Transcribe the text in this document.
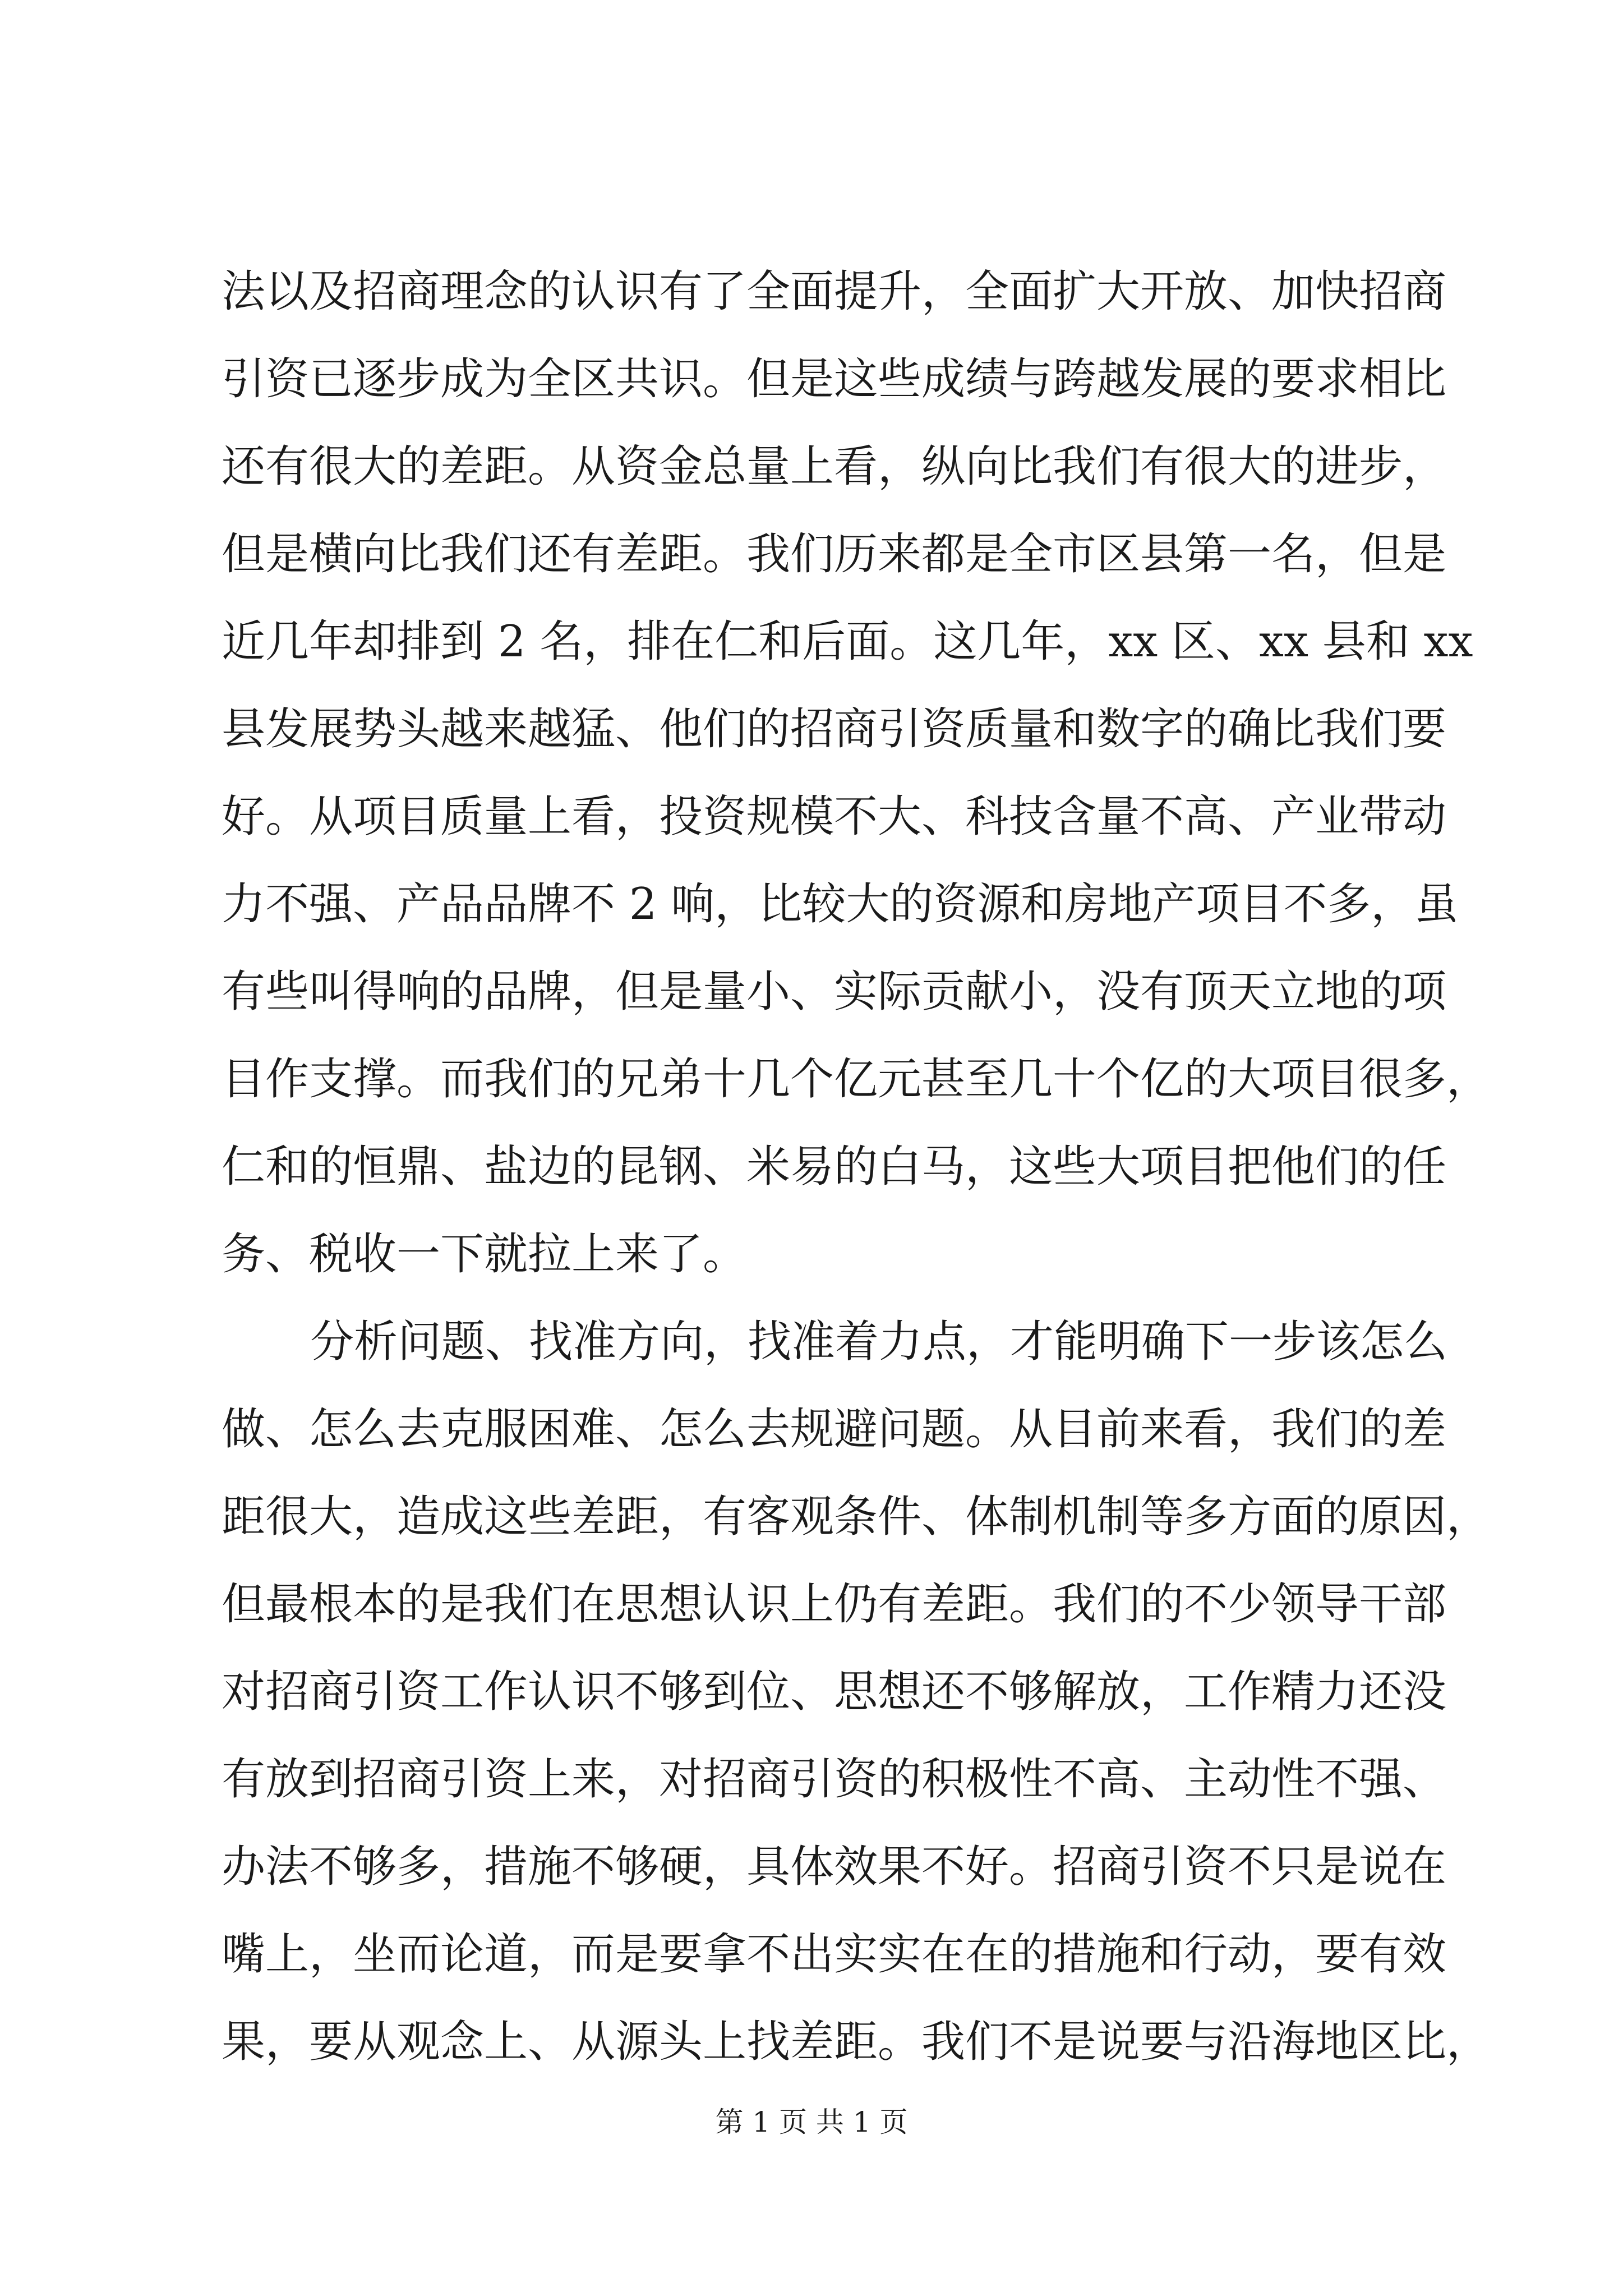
法以及招商理念的认识有了全面提升，全面扩大开放、加快招商
引资已逐步成为全区共识。但是这些成绩与跨越发展的要求相比
还有很大的差距。从资金总量上看，纵向比我们有很大的进步，
但是横向比我们还有差距。我们历来都是全市区县第一名，但是
近几年却排到 2 名，排在仁和后面。这几年，xx 区、xx 县和 xx
县发展势头越来越猛、他们的招商引资质量和数字的确比我们要
好。从项目质量上看，投资规模不大、科技含量不高、产业带动
力不强、产品品牌不 2 响，比较大的资源和房地产项目不多，虽
有些叫得响的品牌，但是量小、实际贡献小，没有顶天立地的项
目作支撑。而我们的兄弟十几个亿元甚至几十个亿的大项目很多，
仁和的恒鼎、盐边的昆钢、米易的白马，这些大项目把他们的任
务、税收一下就拉上来了。
分析问题、找准方向，找准着力点，才能明确下一步该怎么
做、怎么去克服困难、怎么去规避问题。从目前来看，我们的差
距很大，造成这些差距，有客观条件、体制机制等多方面的原因，
但最根本的是我们在思想认识上仍有差距。我们的不少领导干部
对招商引资工作认识不够到位、思想还不够解放，工作精力还没
有放到招商引资上来，对招商引资的积极性不高、主动性不强、
办法不够多，措施不够硬，具体效果不好。招商引资不只是说在
嘴上，坐而论道，而是要拿不出实实在在的措施和行动，要有效
果，要从观念上、从源头上找差距。我们不是说要与沿海地区比，
第 1 页 共 1 页
